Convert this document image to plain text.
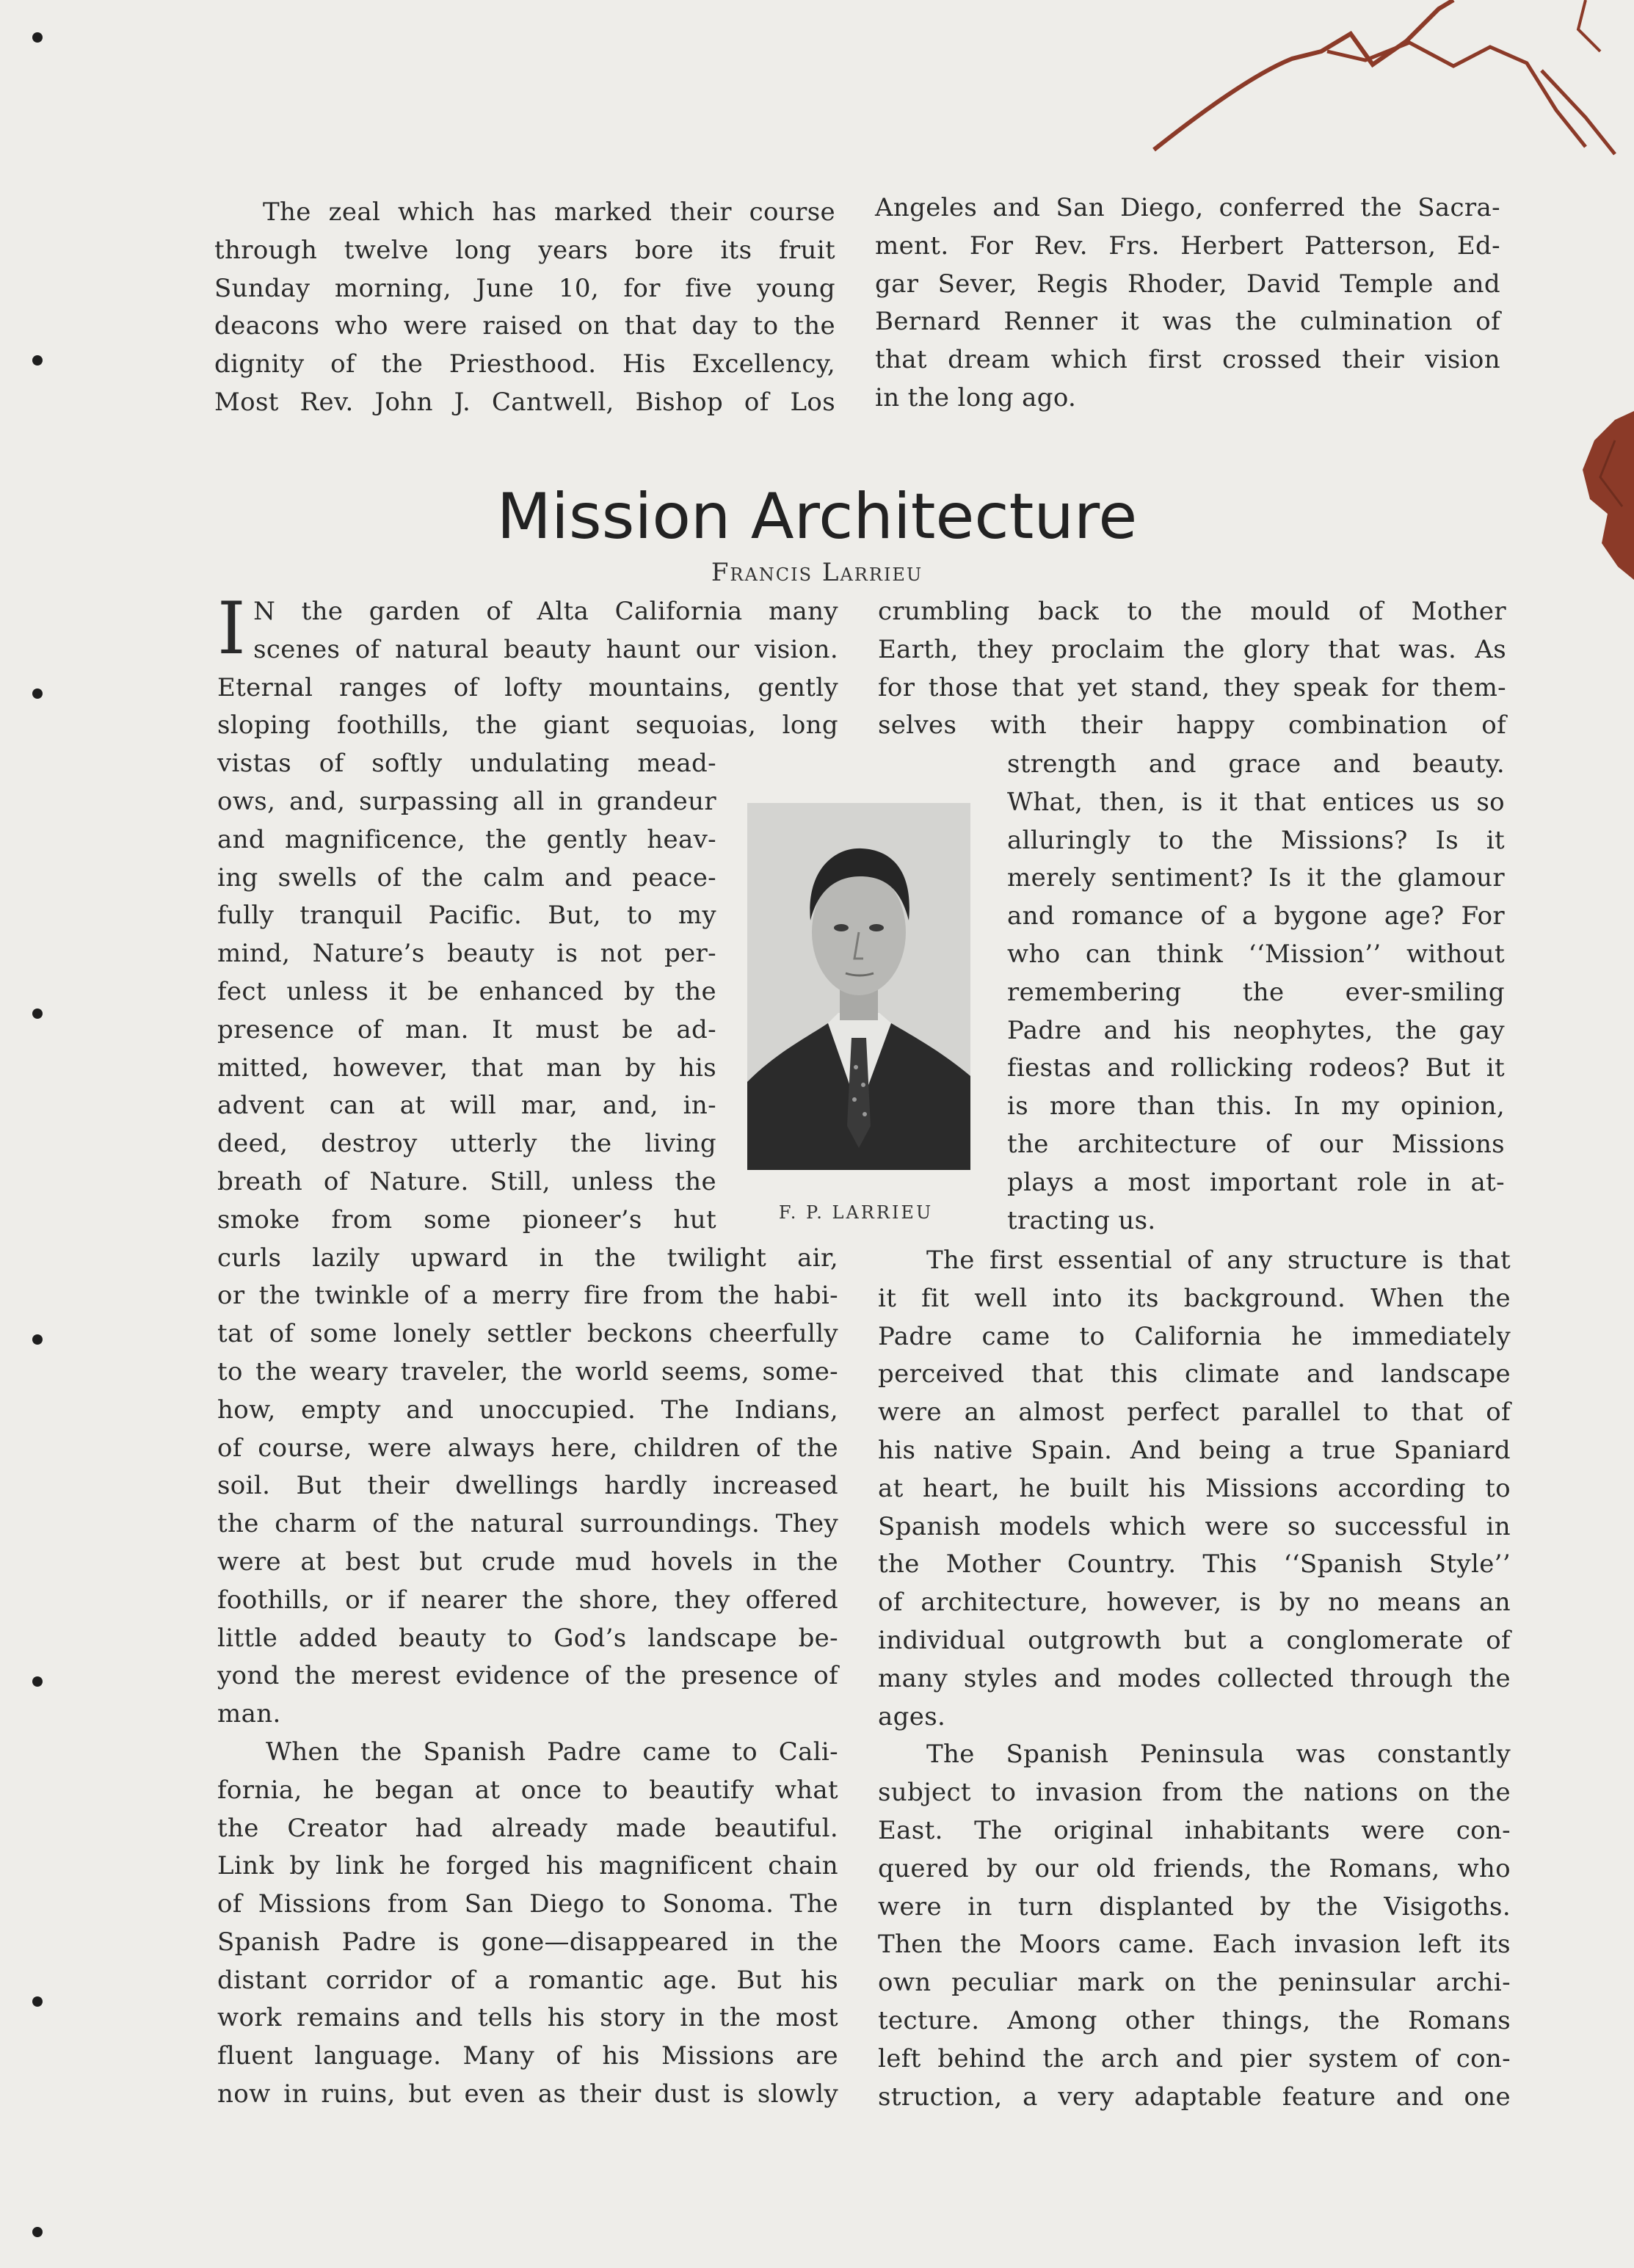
The zeal which has marked their course
through twelve long years bore its fruit
Sunday morning, June 10, for five young
deacons who were raised on that day to the
dignity of the Priesthood. His Excellency,
Most Rev. John J. Cantwell, Bishop of Los
Angeles and San Diego, conferred the Sacra-
ment. For Rev. Frs. Herbert Patterson, Ed-
gar Sever, Regis Rhoder, David Temple and
Bernard Renner it was the culmination of
that dream which first crossed their vision
in the long ago.
Mission Architecture
Francis Larrieu
I N the garden of Alta California many
scenes of natural beauty haunt our vision.
Eternal ranges of lofty mountains, gently
sloping foothills, the giant sequoias, long
vistas of softly undulating mead-
ows, and, surpassing all in grandeur
and magnificence, the gently heav-
ing swells of the calm and peace-
fully tranquil Pacific. But, to my
mind, Nature’s beauty is not per-
fect unless it be enhanced by the
presence of man. It must be ad-
mitted, however, that man by his
advent can at will mar, and, in-
deed, destroy utterly the living
breath of Nature. Still, unless the
smoke from some pioneer’s hut
curls lazily upward in the twilight air,
or the twinkle of a merry fire from the habi-
tat of some lonely settler beckons cheerfully
to the weary traveler, the world seems, some-
how, empty and unoccupied. The Indians,
of course, were always here, children of the
soil. But their dwellings hardly increased
the charm of the natural surroundings. They
were at best but crude mud hovels in the
foothills, or if nearer the shore, they offered
little added beauty to God’s landscape be-
yond the merest evidence of the presence of
man.
When the Spanish Padre came to Cali-
fornia, he began at once to beautify what
the Creator had already made beautiful.
Link by link he forged his magnificent chain
of Missions from San Diego to Sonoma. The
Spanish Padre is gone—disappeared in the
distant corridor of a romantic age. But his
work remains and tells his story in the most
fluent language. Many of his Missions are
now in ruins, but even as their dust is slowly
F. P. LARRIEU
crumbling back to the mould of Mother
Earth, they proclaim the glory that was. As
for those that yet stand, they speak for them-
selves with their happy combination of
strength and grace and beauty.
What, then, is it that entices us so
alluringly to the Missions? Is it
merely sentiment? Is it the glamour
and romance of a bygone age? For
who can think ‘‘Mission’’ without
remembering the ever-smiling
Padre and his neophytes, the gay
fiestas and rollicking rodeos? But it
is more than this. In my opinion,
the architecture of our Missions
plays a most important role in at-
tracting us.
The first essential of any structure is that
it fit well into its background. When the
Padre came to California he immediately
perceived that this climate and landscape
were an almost perfect parallel to that of
his native Spain. And being a true Spaniard
at heart, he built his Missions according to
Spanish models which were so successful in
the Mother Country. This ‘‘Spanish Style’’
of architecture, however, is by no means an
individual outgrowth but a conglomerate of
many styles and modes collected through the
ages.
The Spanish Peninsula was constantly
subject to invasion from the nations on the
East. The original inhabitants were con-
quered by our old friends, the Romans, who
were in turn displanted by the Visigoths.
Then the Moors came. Each invasion left its
own peculiar mark on the peninsular archi-
tecture. Among other things, the Romans
left behind the arch and pier system of con-
struction, a very adaptable feature and one
